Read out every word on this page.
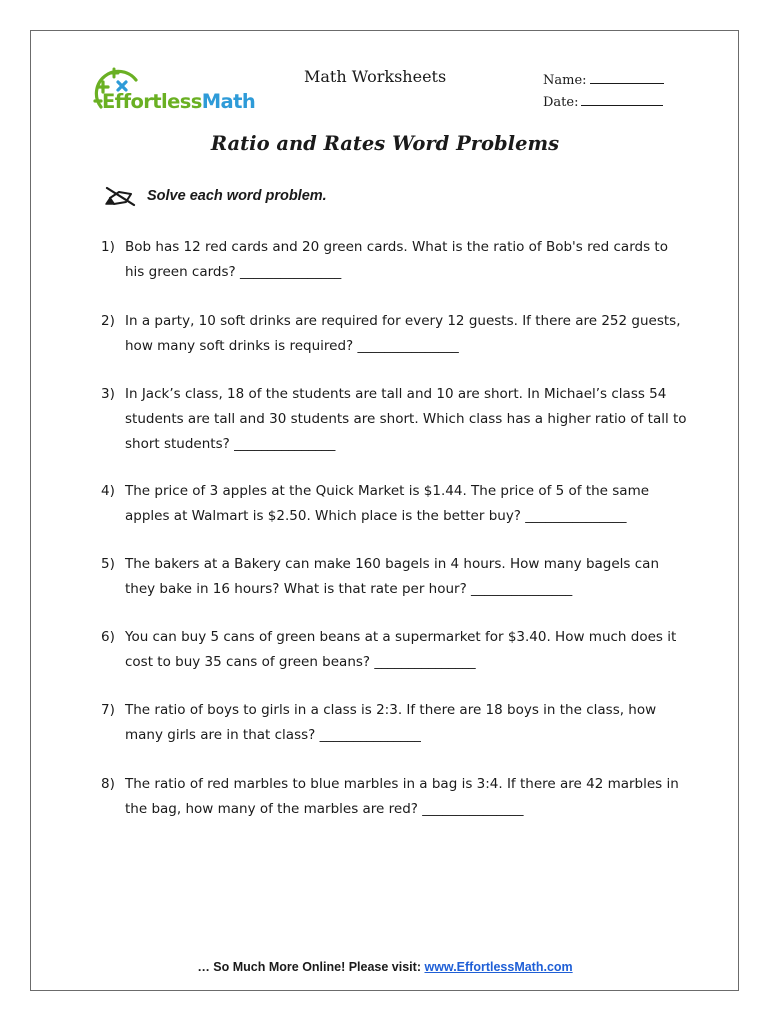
EffortlessMath
Math Worksheets	Name:
Date:
Ratio and Rates Word Problems
Solve each word problem.
1) Bob has 12 red cards and 20 green cards. What is the ratio of Bob's red cards to his green cards? _______________
2) In a party, 10 soft drinks are required for every 12 guests. If there are 252 guests, how many soft drinks is required? _______________
3) In Jack’s class, 18 of the students are tall and 10 are short. In Michael’s class 54 students are tall and 30 students are short. Which class has a higher ratio of tall to short students? _______________
4) The price of 3 apples at the Quick Market is $1.44. The price of 5 of the same apples at Walmart is $2.50. Which place is the better buy? _______________
5) The bakers at a Bakery can make 160 bagels in 4 hours. How many bagels can they bake in 16 hours? What is that rate per hour? _______________
6) You can buy 5 cans of green beans at a supermarket for $3.40. How much does it cost to buy 35 cans of green beans? _______________
7) The ratio of boys to girls in a class is 2:3. If there are 18 boys in the class, how many girls are in that class? _______________
8) The ratio of red marbles to blue marbles in a bag is 3:4. If there are 42 marbles in the bag, how many of the marbles are red? _______________
… So Much More Online! Please visit: www.EffortlessMath.com
